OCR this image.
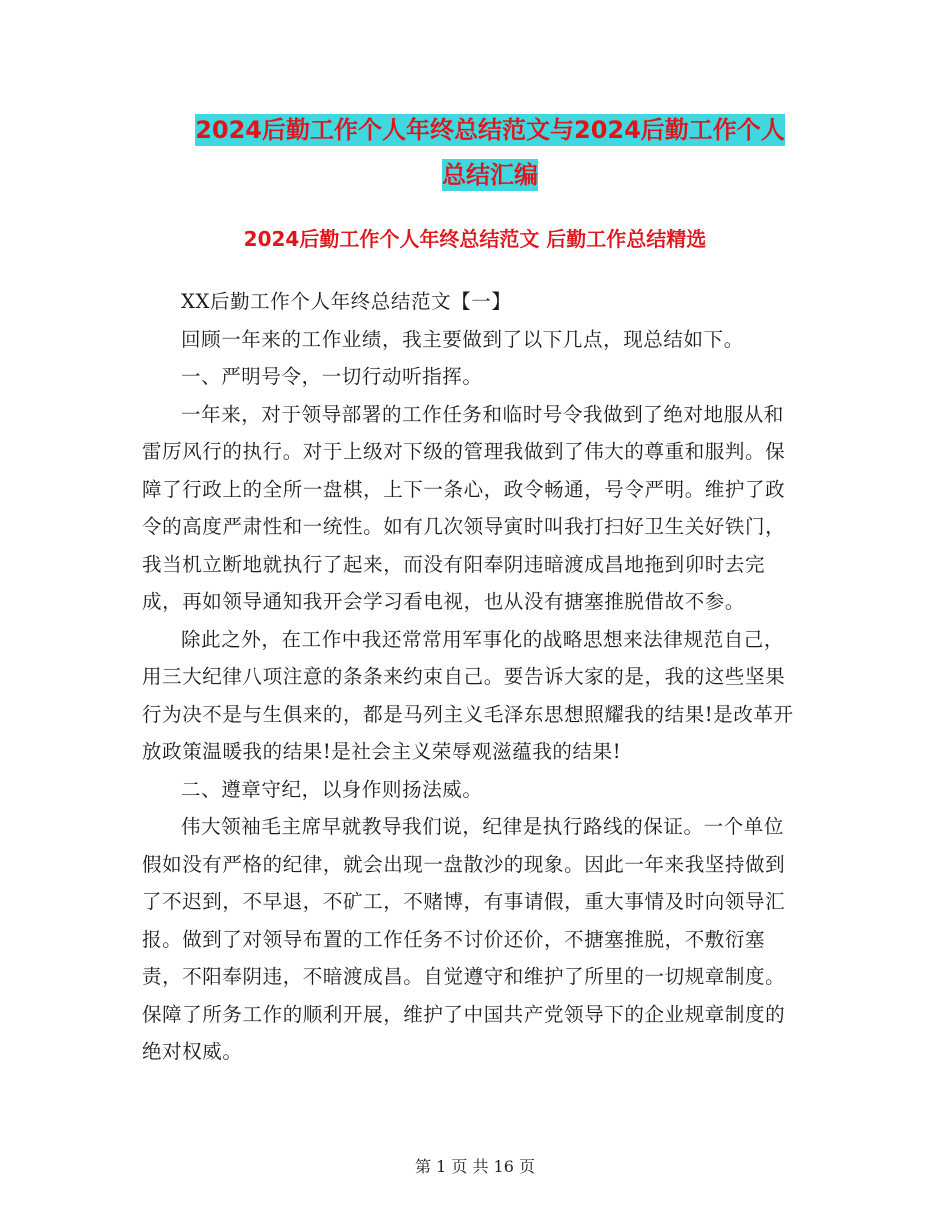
2024后勤工作个人年终总结范文与2024后勤工作个人
总结汇编
2024后勤工作个人年终总结范文 后勤工作总结精选

XX后勤工作个人年终总结范文【一】

回顾一年来的工作业绩，我主要做到了以下几点，现总结如下。

一、严明号令，一切行动听指挥。

一年来，对于领导部署的工作任务和临时号令我做到了绝对地服从和雷厉风行的执行。对于上级对下级的管理我做到了伟大的尊重和服判。保障了行政上的全所一盘棋，上下一条心，政令畅通，号令严明。维护了政令的高度严肃性和一统性。如有几次领导寅时叫我打扫好卫生关好铁门，我当机立断地就执行了起来，而没有阳奉阴违暗渡成昌地拖到卯时去完成，再如领导通知我开会学习看电视，也从没有搪塞推脱借故不参。

除此之外，在工作中我还常常用军事化的战略思想来法律规范自己，用三大纪律八项注意的条条来约束自己。要告诉大家的是，我的这些坚果行为决不是与生俱来的，都是马列主义毛泽东思想照耀我的结果!是改革开放政策温暖我的结果!是社会主义荣辱观滋蕴我的结果!

二、遵章守纪，以身作则扬法威。

伟大领袖毛主席早就教导我们说，纪律是执行路线的保证。一个单位假如没有严格的纪律，就会出现一盘散沙的现象。因此一年来我坚持做到了不迟到，不早退，不矿工，不赌博，有事请假，重大事情及时向领导汇报。做到了对领导布置的工作任务不讨价还价，不搪塞推脱，不敷衍塞责，不阳奉阴违，不暗渡成昌。自觉遵守和维护了所里的一切规章制度。保障了所务工作的顺利开展，维护了中国共产党领导下的企业规章制度的绝对权威。

第 1 页 共 16 页
